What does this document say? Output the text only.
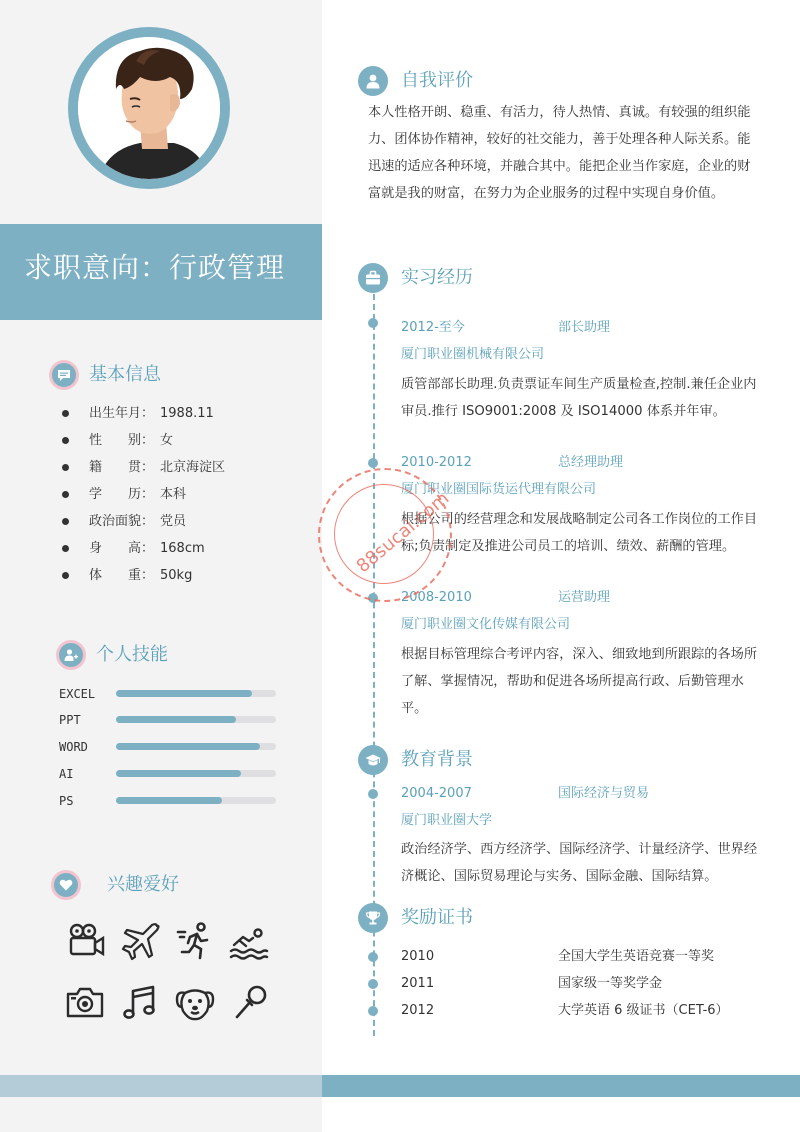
求职意向：行政管理
基本信息
出生年月： 1988.11
性　　别： 女
籍　　贯： 北京海淀区
学　　历： 本科
政治面貌： 党员
身　　高： 168cm
体　　重： 50kg
个人技能
EXCEL
PPT
WORD
AI
PS
兴趣爱好
自我评价
本人性格开朗、稳重、有活力，待人热情、真诚。有较强的组织能力、团体协作精神，较好的社交能力，善于处理各种人际关系。能迅速的适应各种环境，并融合其中。能把企业当作家庭，企业的财富就是我的财富，在努力为企业服务的过程中实现自身价值。
实习经历
2012-至今	部长助理
厦门职业圈机械有限公司
质管部部长助理.负责票证车间生产质量检查,控制.兼任企业内审员.推行 ISO9001:2008 及 ISO14000 体系并年审。
2010-2012	总经理助理
厦门职业圈国际货运代理有限公司
根据公司的经营理念和发展战略制定公司各工作岗位的工作目标;负责制定及推进公司员工的培训、绩效、薪酬的管理。
2008-2010	运营助理
厦门职业圈文化传媒有限公司
根据目标管理综合考评内容，深入、细致地到所跟踪的各场所了解、掌握情况，帮助和促进各场所提高行政、后勤管理水平。
教育背景
2004-2007	国际经济与贸易
厦门职业圈大学
政治经济学、西方经济学、国际经济学、计量经济学、世界经济概论、国际贸易理论与实务、国际金融、国际结算。
奖励证书
2010	全国大学生英语竞赛一等奖
2011	国家级一等奖学金
2012	大学英语 6 级证书（CET-6）
88sucai.com
